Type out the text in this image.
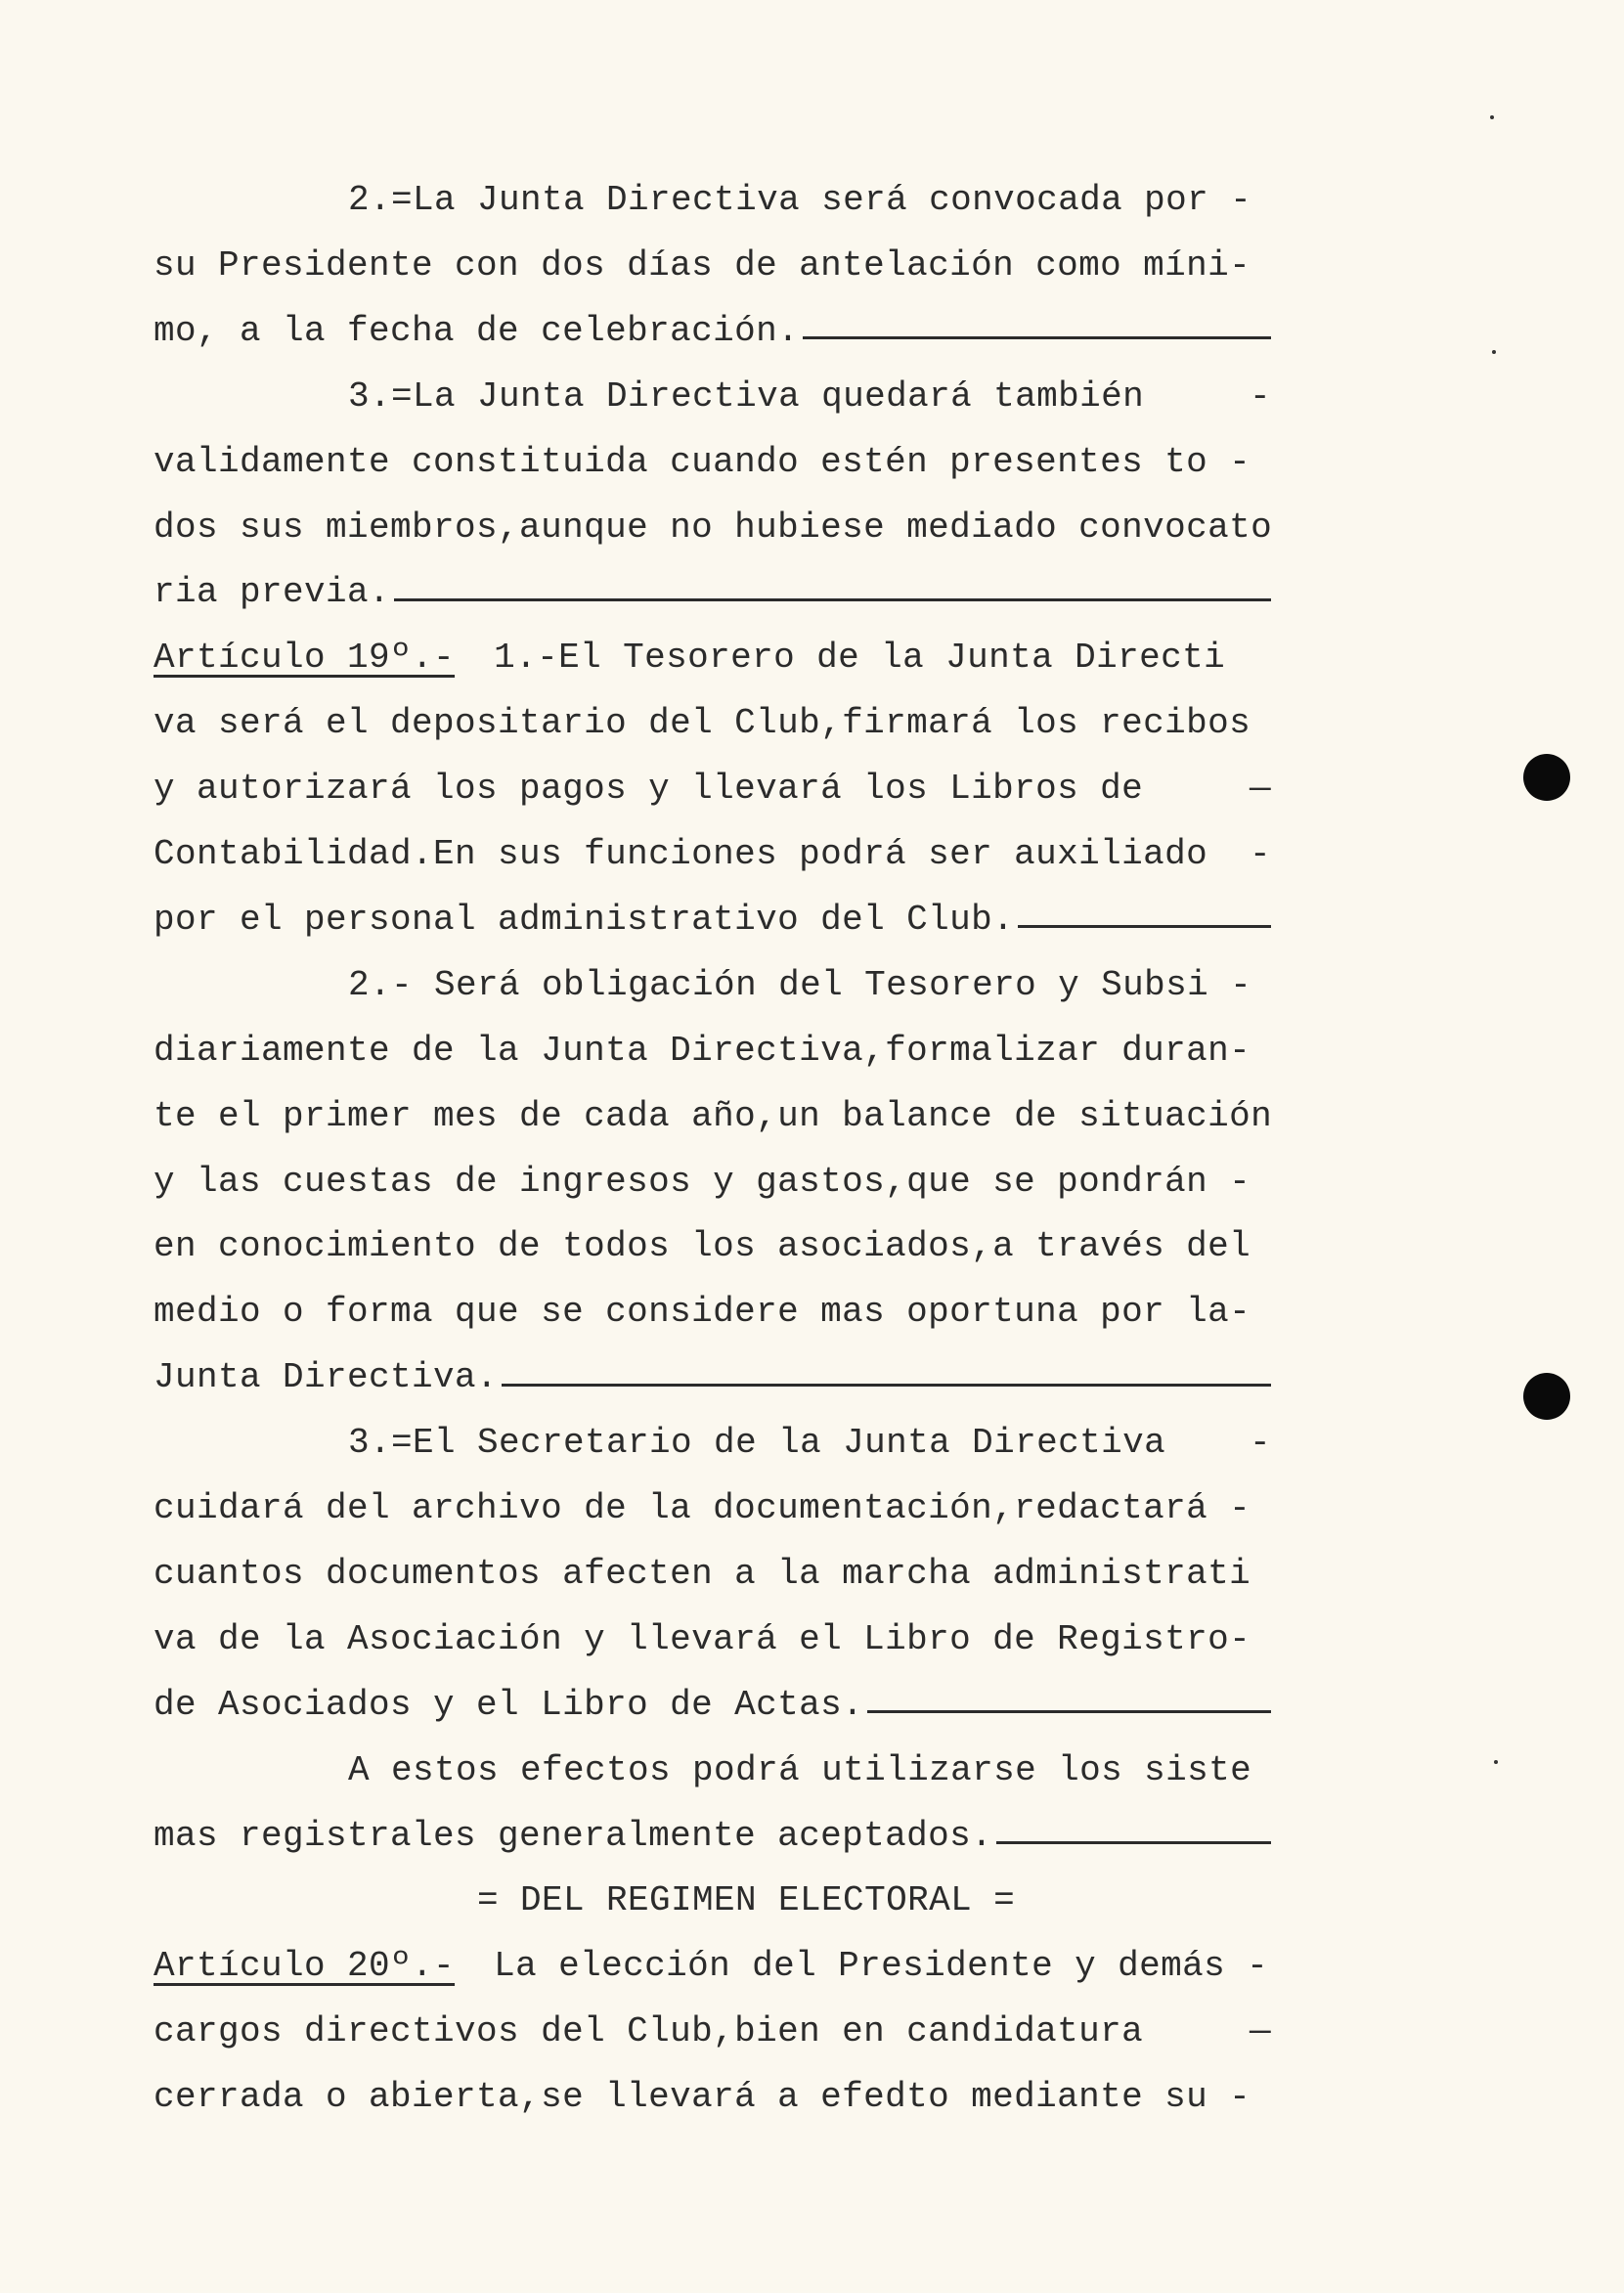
2.=La Junta Directiva será convocada por -
su Presidente con dos días de antelación como míni-
mo, a la fecha de celebración.
3.=La Junta Directiva quedará también	-
validamente constituida cuando estén presentes to -
dos sus miembros,aunque no hubiese mediado convocato
ria previa.
Artículo 19º.- 1.-El Tesorero de la Junta Directi
va será el depositario del Club,firmará los recibos
y autorizará los pagos y llevará los Libros de	—
Contabilidad.En sus funciones podrá ser auxiliado -
por el personal administrativo del Club.
2.- Será obligación del Tesorero y Subsi -
diariamente de la Junta Directiva,formalizar duran-
te el primer mes de cada año,un balance de situación
y las cuestas de ingresos y gastos,que se pondrán -
en conocimiento de todos los asociados,a través del
medio o forma que se considere mas oportuna por la-
Junta Directiva.
3.=El Secretario de la Junta Directiva -
cuidará del archivo de la documentación,redactará -
cuantos documentos afecten a la marcha administrati
va de la Asociación y llevará el Libro de Registro-
de Asociados y el Libro de Actas.
A estos efectos podrá utilizarse los siste
mas registrales generalmente aceptados.
= DEL REGIMEN ELECTORAL =
Artículo 20º.- La elección del Presidente y demás -
cargos directivos del Club,bien en candidatura	—
cerrada o abierta,se llevará a efedto mediante su -
